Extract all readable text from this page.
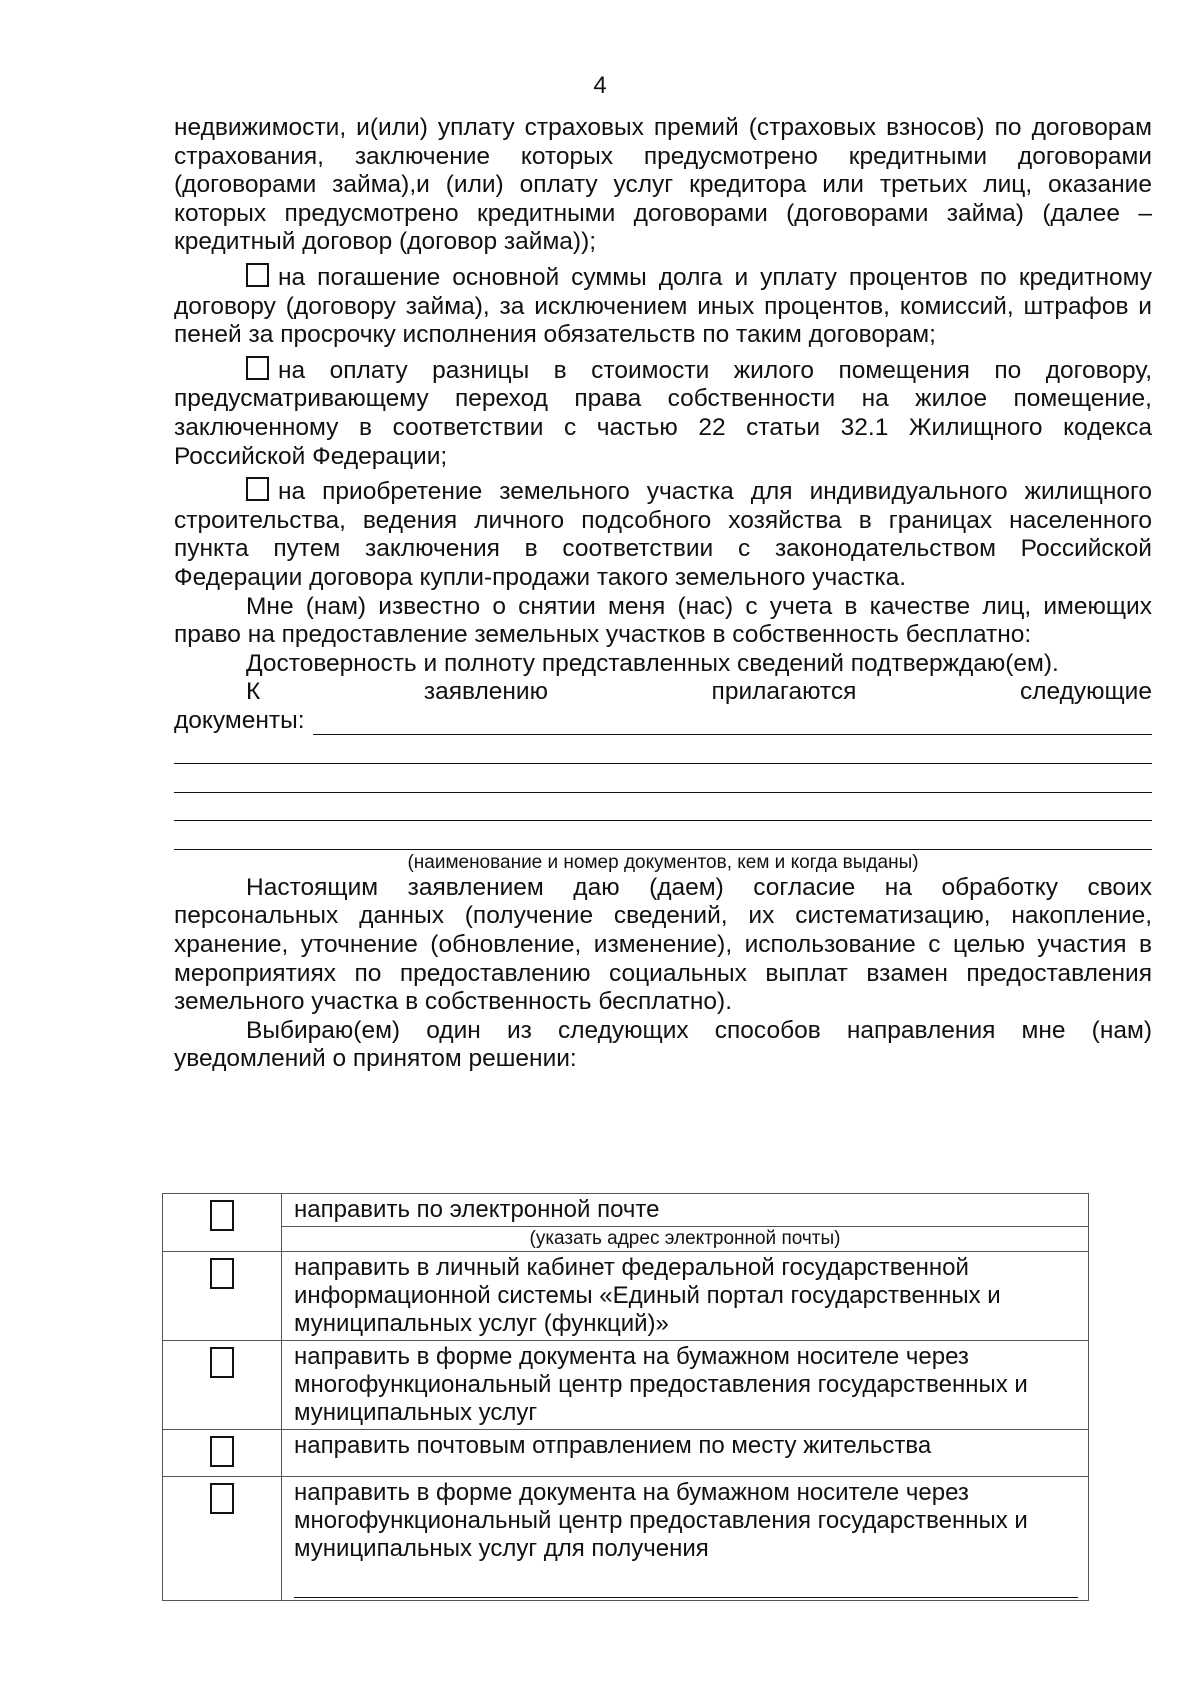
4

недвижимости, и(или) уплату страховых премий (страховых взносов) по договорам страхования, заключение которых предусмотрено кредитными договорами (договорами займа),и (или) оплату услуг кредитора или третьих лиц, оказание которых предусмотрено кредитными договорами (договорами займа) (далее – кредитный договор (договор займа));

на погашение основной суммы долга и уплату процентов по кредитному договору (договору займа), за исключением иных процентов, комиссий, штрафов и пеней за просрочку исполнения обязательств по таким договорам;

на оплату разницы в стоимости жилого помещения по договору, предусматривающему переход права собственности на жилое помещение, заключенному в соответствии с частью 22 статьи 32.1 Жилищного кодекса Российской Федерации;

на приобретение земельного участка для индивидуального жилищного строительства, ведения личного подсобного хозяйства в границах населенного пункта путем заключения в соответствии с законодательством Российской Федерации договора купли-продажи такого земельного участка.

Мне (нам) известно о снятии меня (нас) с учета в качестве лиц, имеющих право на предоставление земельных участков в собственность бесплатно:

Достоверность и полноту представленных сведений подтверждаю(ем).

К заявлению прилагаются следующие

документы:

(наименование и номер документов, кем и когда выданы)

Настоящим заявлением даю (даем) согласие на обработку своих персональных данных (получение сведений, их систематизацию, накопление, хранение, уточнение (обновление, изменение), использование с целью участия в мероприятиях по предоставлению социальных выплат взамен предоставления земельного участка в собственность бесплатно).

Выбираю(ем) один из следующих способов направления мне (нам) уведомлений о принятом решении:

	направить по электронной почте
	(указать адрес электронной почты)
	направить в личный кабинет федеральной государственной информационной системы «Единый портал государственных и муниципальных услуг (функций)»
	направить в форме документа на бумажном носителе через многофункциональный центр предоставления государственных и муниципальных услуг
	направить почтовым отправлением по месту жительства

	направить в форме документа на бумажном носителе через многофункциональный центр предоставления государственных и муниципальных услуг для получения
